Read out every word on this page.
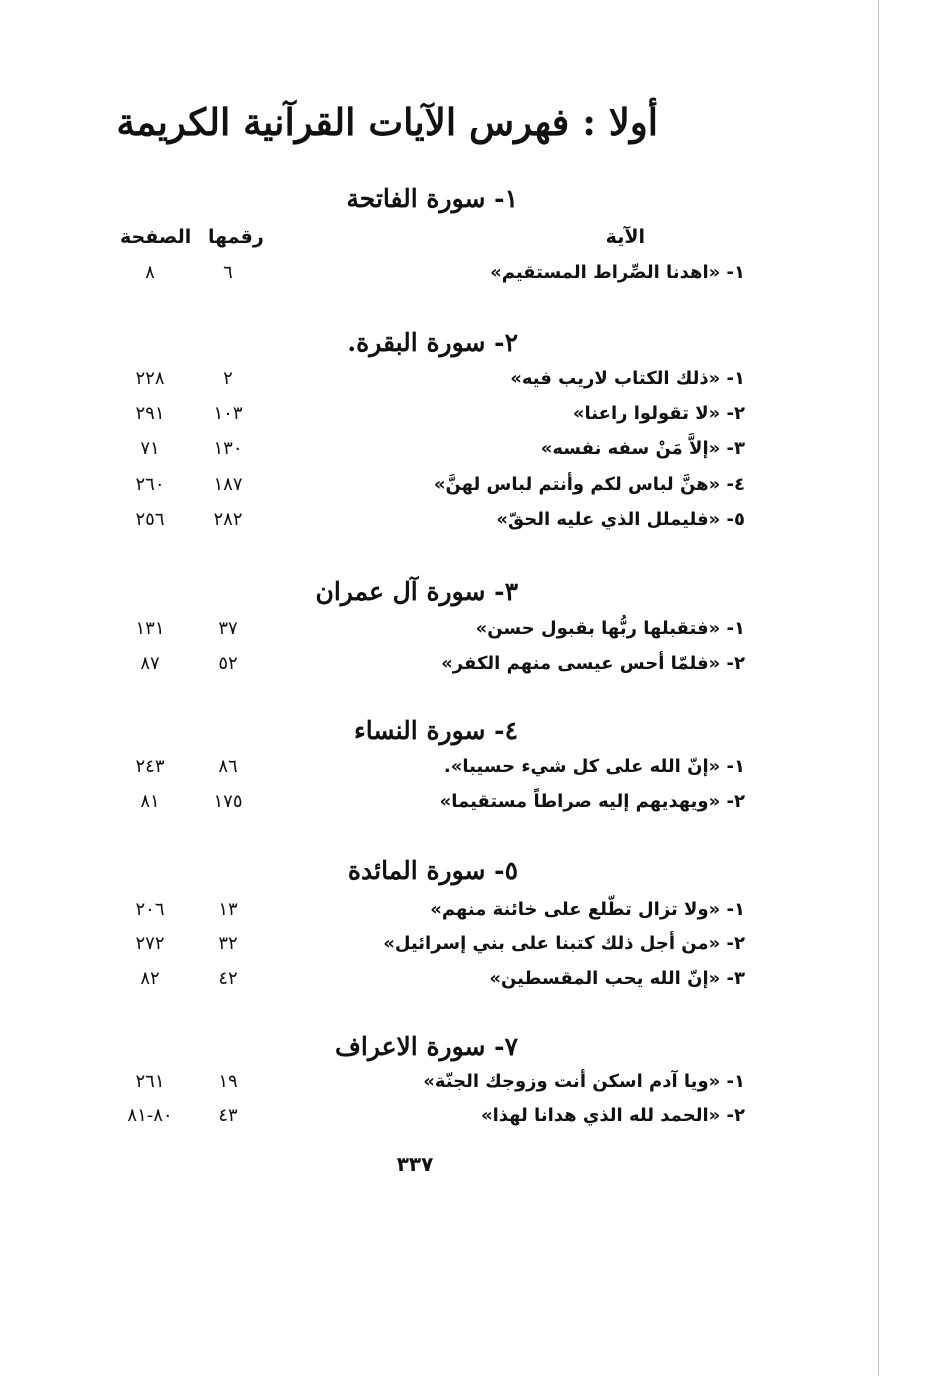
أولا : فهرس الآيات القرآنية الكريمة
الآية
رقمها
الصفحة
١- سورة الفاتحة
١- «اهدنا الصِّراط المستقيم»
٦
٨
٢- سورة البقرة.
١- «ذلك الكتاب لاريب فيه»
٢
٢٢٨
٢- «لا تقولوا راعنا»
١٠٣
٢٩١
٣- «إلاَّ مَنْ سفه نفسه»
١٣٠
٧١
٤- «هنَّ لباس لكم وأنتم لباس لهنَّ»
١٨٧
٢٦٠
٥- «فليملل الذي عليه الحقّ»
٢٨٢
٢٥٦
٣- سورة آل عمران
١- «فتقبلها ربُّها بقبول حسن»
٣٧
١٣١
٢- «فلمّا أحس عيسى منهم الكفر»
٥٢
٨٧
٤- سورة النساء
١- «إنّ الله على كل شيء حسيبا».
٨٦
٢٤٣
٢- «ويهديهم إليه صراطاً مستقيما»
١٧٥
٨١
٥- سورة المائدة
١- «ولا تزال تطّلع على خائنة منهم»
١٣
٢٠٦
٢- «من أجل ذلك كتبنا على بني إسرائيل»
٣٢
٢٧٢
٣- «إنّ الله يحب المقسطين»
٤٢
٨٢
٧- سورة الاعراف
١- «ويا آدم اسكن أنت وزوجك الجنّة»
١٩
٢٦١
٢- «الحمد لله الذي هدانا لهذا»
٤٣
٨٠-٨١
٣٣٧
